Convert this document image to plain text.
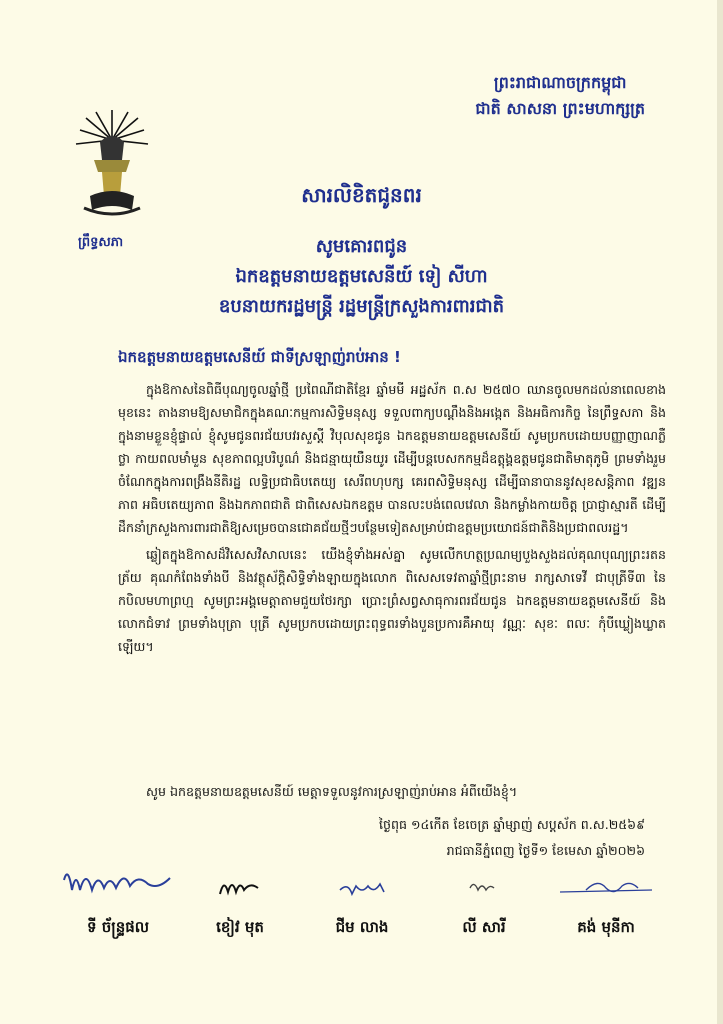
ព្រះរាជាណាចក្រកម្ពុជា
ជាតិ សាសនា ព្រះមហាក្សត្រ
ព្រឹទ្ធសភា
សារលិខិតជូនពរ
សូមគោរពជូន
ឯកឧត្តមនាយឧត្តមសេនីយ៍ ទៀ សីហា
ឧបនាយករដ្ឋមន្ត្រី រដ្ឋមន្ត្រីក្រសួងការពារជាតិ
ឯកឧត្តមនាយឧត្តមសេនីយ៍ ជាទីស្រឡាញ់រាប់អាន !

ក្នុងឱកាសនៃពិធីបុណ្យចូលឆ្នាំថ្មី ប្រពៃណីជាតិខ្មែរ ឆ្នាំមមី អដ្ឋស័ក ព.ស ២៥៧០ ឈានចូលមកដល់នាពេលខាងមុខនេះ តាងនាមឱ្យសមាជិកក្នុងគណៈកម្មការសិទ្ធិមនុស្ស ទទួលពាក្យបណ្តឹងនិងអង្កេត និងអធិការកិច្ច នៃព្រឹទ្ធសភា និងក្នុងនាមខ្លួនខ្ញុំផ្ទាល់ ខ្ញុំសូមជូនពរជ័យបវរសួស្តី វិបុលសុខជូន ឯកឧត្តមនាយឧត្តមសេនីយ៍ សូមប្រកបដោយបញ្ញាញាណភ្លឺថ្លា កាយពលមាំមួន សុខភាពល្អបរិបូណ៌ និងជន្មាយុយឺនយូរ ដើម្បីបន្តបេសកកម្មដ៏ឧត្តុង្គឧត្តមជូនជាតិមាតុភូមិ ព្រមទាំងរួមចំណែកក្នុងការពង្រឹងនីតិរដ្ឋ លទ្ធិប្រជាធិបតេយ្យ សេរីពហុបក្ស គេរពសិទ្ធិមនុស្ស ដើម្បីធានាបាននូវសុខសន្តិភាព វឌ្ឍនភាព អធិបតេយ្យភាព និងឯកភាពជាតិ ជាពិសេសឯកឧត្តម បានលះបង់ពេលវេលា និងកម្លាំងកាយចិត្ត ប្រាជ្ញាស្មារតី ដើម្បីដឹកនាំក្រសួងការពារជាតិឱ្យសម្រេចបានជោគជ័យថ្មីៗបន្ថែមទៀតសម្រាប់ជាឧត្តមប្រយោជន៍ជាតិនិងប្រជាពលរដ្ឋ។

ឆ្លៀតក្នុងឱកាសដ៏វិសេសវិសាលនេះ យើងខ្ញុំទាំងអស់គ្នា សូមលើកហត្ថប្រណម្យបួងសួងដល់គុណបុណ្យព្រះរតនត្រ័យ គុណកំពែងទាំងបី និងវត្ថុស័ក្តិសិទ្ធិទាំងឡាយក្នុងលោក ពិសេសទេវតាឆ្នាំថ្មីព្រះនាម រាក្សសាទេវី ជាបុត្រីទី៣ នៃកបិលមហាព្រហ្ម សូមព្រះអង្គមេត្តាតាមជួយថែរក្សា ប្រោះព្រំសព្វសាធុការពរជ័យជូន ឯកឧត្តមនាយឧត្តមសេនីយ៍ និង លោកជំទាវ ព្រមទាំងបុត្រា បុត្រី សូមប្រកបដោយព្រះពុទ្ធពរទាំងបួនប្រការគឺអាយុ វណ្ណៈ សុខៈ ពលៈ កុំបីឃ្លៀងឃ្លាតឡើយ។

សូម ឯកឧត្តមនាយឧត្តមសេនីយ៍ មេត្តាទទួលនូវការស្រឡាញ់រាប់អាន អំពីយើងខ្ញុំ។
ថ្ងៃពុធ ១៤កើត ខែចេត្រ ឆ្នាំម្សាញ់ សប្តស័ក ព.ស.២៥៦៩
រាជធានីភ្នំពេញ ថ្ងៃទី១ ខែមេសា ឆ្នាំ២០២៦
ទី ច័ន្ទ្រផល	ខៀវ មុត	ជីម លាង	លី សារី	គង់ មុនីកា
